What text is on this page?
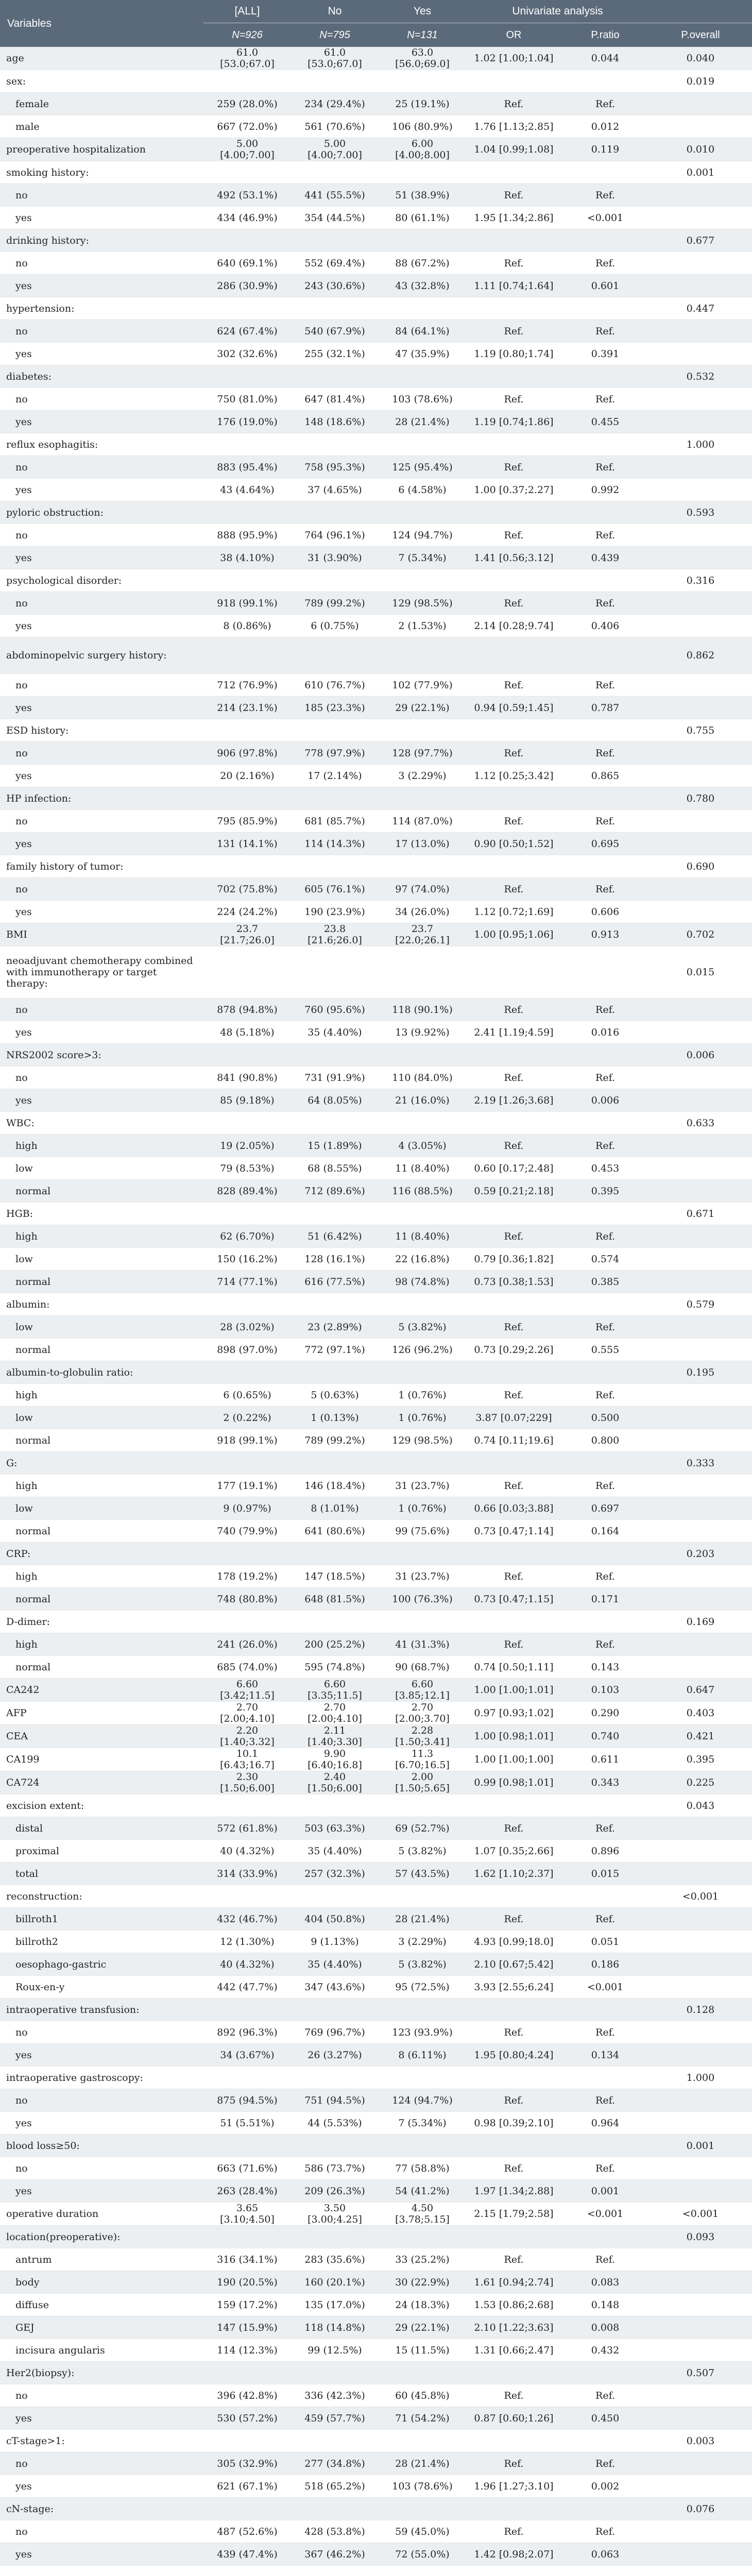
Variables	[ALL]	No	Yes	Univariate analysis		
	N=926	N=795	N=131	OR	P.ratio	P.overall
age	61.0 [53.0;67.0]	61.0 [53.0;67.0]	63.0 [56.0;69.0]	1.02 [1.00;1.04]	0.044	0.040
sex:						0.019
female	259 (28.0%)	234 (29.4%)	25 (19.1%)	Ref.	Ref.	
male	667 (72.0%)	561 (70.6%)	106 (80.9%)	1.76 [1.13;2.85]	0.012	
preoperative hospitalization	5.00 [4.00;7.00]	5.00 [4.00;7.00]	6.00 [4.00;8.00]	1.04 [0.99;1.08]	0.119	0.010
smoking history:						0.001
no	492 (53.1%)	441 (55.5%)	51 (38.9%)	Ref.	Ref.	
yes	434 (46.9%)	354 (44.5%)	80 (61.1%)	1.95 [1.34;2.86]	<0.001	
drinking history:						0.677
no	640 (69.1%)	552 (69.4%)	88 (67.2%)	Ref.	Ref.	
yes	286 (30.9%)	243 (30.6%)	43 (32.8%)	1.11 [0.74;1.64]	0.601	
hypertension:						0.447
no	624 (67.4%)	540 (67.9%)	84 (64.1%)	Ref.	Ref.	
yes	302 (32.6%)	255 (32.1%)	47 (35.9%)	1.19 [0.80;1.74]	0.391	
diabetes:						0.532
no	750 (81.0%)	647 (81.4%)	103 (78.6%)	Ref.	Ref.	
yes	176 (19.0%)	148 (18.6%)	28 (21.4%)	1.19 [0.74;1.86]	0.455	
reflux esophagitis:						1.000
no	883 (95.4%)	758 (95.3%)	125 (95.4%)	Ref.	Ref.	
yes	43 (4.64%)	37 (4.65%)	6 (4.58%)	1.00 [0.37;2.27]	0.992	
pyloric obstruction:						0.593
no	888 (95.9%)	764 (96.1%)	124 (94.7%)	Ref.	Ref.	
yes	38 (4.10%)	31 (3.90%)	7 (5.34%)	1.41 [0.56;3.12]	0.439	
psychological disorder:						0.316
no	918 (99.1%)	789 (99.2%)	129 (98.5%)	Ref.	Ref.	
yes	8 (0.86%)	6 (0.75%)	2 (1.53%)	2.14 [0.28;9.74]	0.406	
abdominopelvic surgery history:						0.862
no	712 (76.9%)	610 (76.7%)	102 (77.9%)	Ref.	Ref.	
yes	214 (23.1%)	185 (23.3%)	29 (22.1%)	0.94 [0.59;1.45]	0.787	
ESD history:						0.755
no	906 (97.8%)	778 (97.9%)	128 (97.7%)	Ref.	Ref.	
yes	20 (2.16%)	17 (2.14%)	3 (2.29%)	1.12 [0.25;3.42]	0.865	
HP infection:						0.780
no	795 (85.9%)	681 (85.7%)	114 (87.0%)	Ref.	Ref.	
yes	131 (14.1%)	114 (14.3%)	17 (13.0%)	0.90 [0.50;1.52]	0.695	
family history of tumor:						0.690
no	702 (75.8%)	605 (76.1%)	97 (74.0%)	Ref.	Ref.	
yes	224 (24.2%)	190 (23.9%)	34 (26.0%)	1.12 [0.72;1.69]	0.606	
BMI	23.7 [21.7;26.0]	23.8 [21.6;26.0]	23.7 [22.0;26.1]	1.00 [0.95;1.06]	0.913	0.702
neoadjuvant chemotherapy combined with immunotherapy or target therapy:						0.015
no	878 (94.8%)	760 (95.6%)	118 (90.1%)	Ref.	Ref.	
yes	48 (5.18%)	35 (4.40%)	13 (9.92%)	2.41 [1.19;4.59]	0.016	
NRS2002 score>3:						0.006
no	841 (90.8%)	731 (91.9%)	110 (84.0%)	Ref.	Ref.	
yes	85 (9.18%)	64 (8.05%)	21 (16.0%)	2.19 [1.26;3.68]	0.006	
WBC:						0.633
high	19 (2.05%)	15 (1.89%)	4 (3.05%)	Ref.	Ref.	
low	79 (8.53%)	68 (8.55%)	11 (8.40%)	0.60 [0.17;2.48]	0.453	
normal	828 (89.4%)	712 (89.6%)	116 (88.5%)	0.59 [0.21;2.18]	0.395	
HGB:						0.671
high	62 (6.70%)	51 (6.42%)	11 (8.40%)	Ref.	Ref.	
low	150 (16.2%)	128 (16.1%)	22 (16.8%)	0.79 [0.36;1.82]	0.574	
normal	714 (77.1%)	616 (77.5%)	98 (74.8%)	0.73 [0.38;1.53]	0.385	
albumin:						0.579
low	28 (3.02%)	23 (2.89%)	5 (3.82%)	Ref.	Ref.	
normal	898 (97.0%)	772 (97.1%)	126 (96.2%)	0.73 [0.29;2.26]	0.555	
albumin-to-globulin ratio:						0.195
high	6 (0.65%)	5 (0.63%)	1 (0.76%)	Ref.	Ref.	
low	2 (0.22%)	1 (0.13%)	1 (0.76%)	3.87 [0.07;229]	0.500	
normal	918 (99.1%)	789 (99.2%)	129 (98.5%)	0.74 [0.11;19.6]	0.800	
G:						0.333
high	177 (19.1%)	146 (18.4%)	31 (23.7%)	Ref.	Ref.	
low	9 (0.97%)	8 (1.01%)	1 (0.76%)	0.66 [0.03;3.88]	0.697	
normal	740 (79.9%)	641 (80.6%)	99 (75.6%)	0.73 [0.47;1.14]	0.164	
CRP:						0.203
high	178 (19.2%)	147 (18.5%)	31 (23.7%)	Ref.	Ref.	
normal	748 (80.8%)	648 (81.5%)	100 (76.3%)	0.73 [0.47;1.15]	0.171	
D-dimer:						0.169
high	241 (26.0%)	200 (25.2%)	41 (31.3%)	Ref.	Ref.	
normal	685 (74.0%)	595 (74.8%)	90 (68.7%)	0.74 [0.50;1.11]	0.143	
CA242	6.60 [3.42;11.5]	6.60 [3.35;11.5]	6.60 [3.85;12.1]	1.00 [1.00;1.01]	0.103	0.647
AFP	2.70 [2.00;4.10]	2.70 [2.00;4.10]	2.70 [2.00;3.70]	0.97 [0.93;1.02]	0.290	0.403
CEA	2.20 [1.40;3.32]	2.11 [1.40;3.30]	2.28 [1.50;3.41]	1.00 [0.98;1.01]	0.740	0.421
CA199	10.1 [6.43;16.7]	9.90 [6.40;16.8]	11.3 [6.70;16.5]	1.00 [1.00;1.00]	0.611	0.395
CA724	2.30 [1.50;6.00]	2.40 [1.50;6.00]	2.00 [1.50;5.65]	0.99 [0.98;1.01]	0.343	0.225
excision extent:						0.043
distal	572 (61.8%)	503 (63.3%)	69 (52.7%)	Ref.	Ref.	
proximal	40 (4.32%)	35 (4.40%)	5 (3.82%)	1.07 [0.35;2.66]	0.896	
total	314 (33.9%)	257 (32.3%)	57 (43.5%)	1.62 [1.10;2.37]	0.015	
reconstruction:						<0.001
billroth1	432 (46.7%)	404 (50.8%)	28 (21.4%)	Ref.	Ref.	
billroth2	12 (1.30%)	9 (1.13%)	3 (2.29%)	4.93 [0.99;18.0]	0.051	
oesophago-gastric	40 (4.32%)	35 (4.40%)	5 (3.82%)	2.10 [0.67;5.42]	0.186	
Roux-en-y	442 (47.7%)	347 (43.6%)	95 (72.5%)	3.93 [2.55;6.24]	<0.001	
intraoperative transfusion:						0.128
no	892 (96.3%)	769 (96.7%)	123 (93.9%)	Ref.	Ref.	
yes	34 (3.67%)	26 (3.27%)	8 (6.11%)	1.95 [0.80;4.24]	0.134	
intraoperative gastroscopy:						1.000
no	875 (94.5%)	751 (94.5%)	124 (94.7%)	Ref.	Ref.	
yes	51 (5.51%)	44 (5.53%)	7 (5.34%)	0.98 [0.39;2.10]	0.964	
blood loss≥50:						0.001
no	663 (71.6%)	586 (73.7%)	77 (58.8%)	Ref.	Ref.	
yes	263 (28.4%)	209 (26.3%)	54 (41.2%)	1.97 [1.34;2.88]	0.001	
operative duration	3.65 [3.10;4.50]	3.50 [3.00;4.25]	4.50 [3.78;5.15]	2.15 [1.79;2.58]	<0.001	<0.001
location(preoperative):						0.093
antrum	316 (34.1%)	283 (35.6%)	33 (25.2%)	Ref.	Ref.	
body	190 (20.5%)	160 (20.1%)	30 (22.9%)	1.61 [0.94;2.74]	0.083	
diffuse	159 (17.2%)	135 (17.0%)	24 (18.3%)	1.53 [0.86;2.68]	0.148	
GEJ	147 (15.9%)	118 (14.8%)	29 (22.1%)	2.10 [1.22;3.63]	0.008	
incisura angularis	114 (12.3%)	99 (12.5%)	15 (11.5%)	1.31 [0.66;2.47]	0.432	
Her2(biopsy):						0.507
no	396 (42.8%)	336 (42.3%)	60 (45.8%)	Ref.	Ref.	
yes	530 (57.2%)	459 (57.7%)	71 (54.2%)	0.87 [0.60;1.26]	0.450	
cT-stage>1:						0.003
no	305 (32.9%)	277 (34.8%)	28 (21.4%)	Ref.	Ref.	
yes	621 (67.1%)	518 (65.2%)	103 (78.6%)	1.96 [1.27;3.10]	0.002	
cN-stage:						0.076
no	487 (52.6%)	428 (53.8%)	59 (45.0%)	Ref.	Ref.	
yes	439 (47.4%)	367 (46.2%)	72 (55.0%)	1.42 [0.98;2.07]	0.063	
